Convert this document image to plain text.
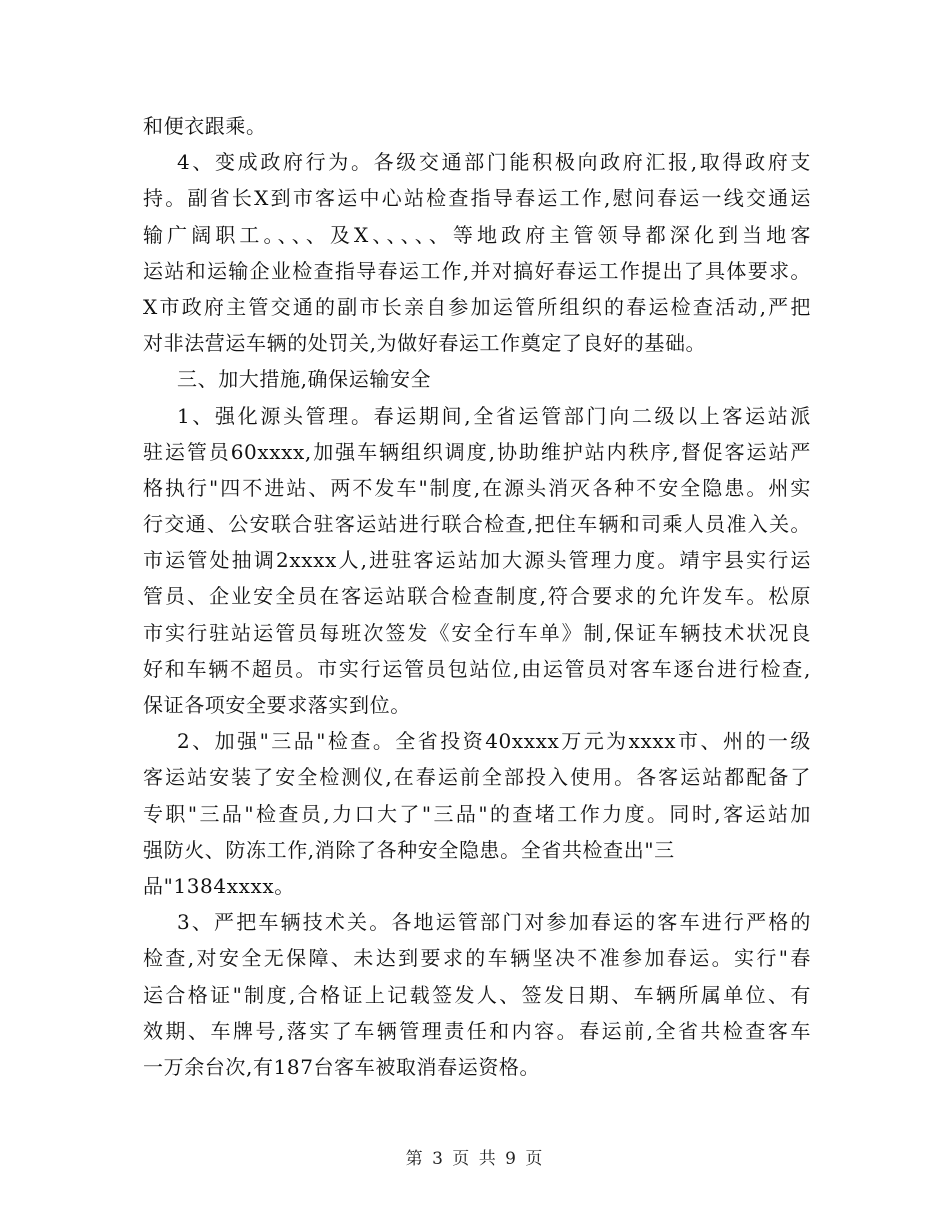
和便衣跟乘。
4、变成政府行为。各级交通部门能积极向政府汇报,取得政府支
持。副省长X到市客运中心站检查指导春运工作,慰问春运一线交通运
输广阔职工。、、、及X、、、、、等地政府主管领导都深化到当地客
运站和运输企业检查指导春运工作,并对搞好春运工作提出了具体要求。
X市政府主管交通的副市长亲自参加运管所组织的春运检查活动,严把
对非法营运车辆的处罚关,为做好春运工作奠定了良好的基础。
三、加大措施,确保运输安全
1、强化源头管理。春运期间,全省运管部门向二级以上客运站派
驻运管员60xxxx,加强车辆组织调度,协助维护站内秩序,督促客运站严
格执行"四不进站、两不发车"制度,在源头消灭各种不安全隐患。州实
行交通、公安联合驻客运站进行联合检查,把住车辆和司乘人员准入关。
市运管处抽调2xxxx人,进驻客运站加大源头管理力度。靖宇县实行运
管员、企业安全员在客运站联合检查制度,符合要求的允许发车。松原
市实行驻站运管员每班次签发《安全行车单》制,保证车辆技术状况良
好和车辆不超员。市实行运管员包站位,由运管员对客车逐台进行检查,
保证各项安全要求落实到位。
2、加强"三品"检查。全省投资40xxxx万元为xxxx市、州的一级
客运站安装了安全检测仪,在春运前全部投入使用。各客运站都配备了
专职"三品"检查员,力口大了"三品"的查堵工作力度。同时,客运站加
强防火、防冻工作,消除了各种安全隐患。全省共检查出"三
品"1384xxxx。
3、严把车辆技术关。各地运管部门对参加春运的客车进行严格的
检查,对安全无保障、未达到要求的车辆坚决不准参加春运。实行"春
运合格证"制度,合格证上记载签发人、签发日期、车辆所属单位、有
效期、车牌号,落实了车辆管理责任和内容。春运前,全省共检查客车
一万余台次,有187台客车被取消春运资格。
第 3 页 共 9 页
